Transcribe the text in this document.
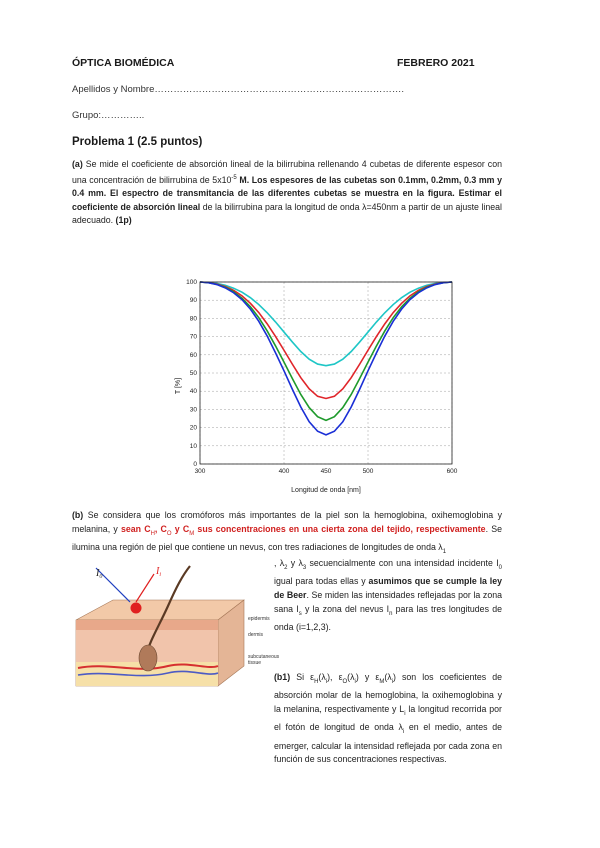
ÓPTICA BIOMÉDICA	FEBRERO 2021
Apellidos y Nombre…………………………………………………………………….
Grupo:…………..
Problema 1 (2.5 puntos)
(a) Se mide el coeficiente de absorción lineal de la bilirrubina rellenando 4 cubetas de diferente espesor con una concentración de bilirrubina de $5x10^{-5}$ M. Los espesores de las cubetas son 0.1mm, 0.2mm, 0.3 mm y 0.4 mm. El espectro de transmitancia de las diferentes cubetas se muestra en la figura. Estimar el coeficiente de absorción lineal de la bilirrubina para la longitud de onda λ=450nm a partir de un ajuste lineal adecuado. (1p)
0
10
20
30
40
50
60
70
80
90
100
300	400	450	500	600
T [%]
Longitud de onda [nm]
(b) Se considera que los cromóforos más importantes de la piel son la hemoglobina, oxihemoglobina y melanina, y sean $C_H$, $C_O$ y $C_M$ sus concentraciones en una cierta zona del tejido, respectivamente. Se ilumina una región de piel que contiene un nevus, con tres radiaciones de longitudes de onda $\lambda_1$
$I_0$	$I_i$
epidermis
dermis
subcutaneous
tissue
, $\lambda_2$ y $\lambda_3$ secuencialmente con una intensidad incidente $I_0$ igual para todas ellas y asumimos que se cumple la ley de Beer. Se miden las intensidades reflejadas por la zona sana $I_s$ y la zona del nevus $I_n$ para las tres longitudes de onda (i=1,2,3).
(b1) Si $\varepsilon_H(\lambda_i)$, $\varepsilon_O(\lambda_i)$ y $\varepsilon_M(\lambda_i)$ son los coeficientes de absorción molar de la hemoglobina, la oxihemoglobina y la melanina, respectivamente y $L_i$ la longitud recorrida por el fotón de longitud de onda $\lambda_i$ en el medio, antes de emerger, calcular la intensidad reflejada por cada zona en función de sus concentraciones respectivas.
